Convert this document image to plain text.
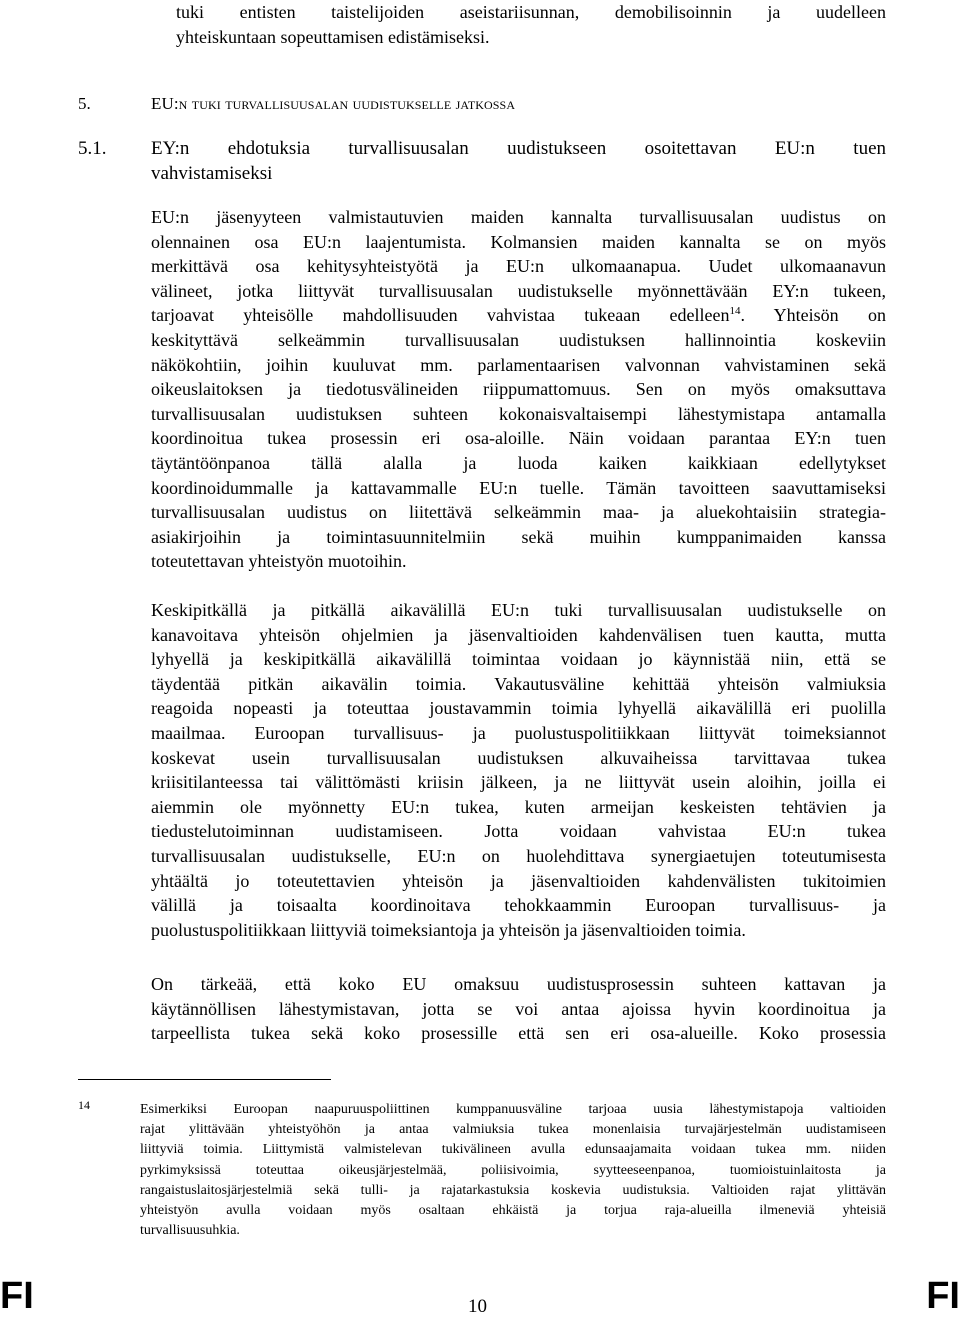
tuki entisten taistelijoiden aseistariisunnan, demobilisoinnin ja uudelleen
yhteiskuntaan sopeuttamisen edistämiseksi.
5.	EU:n tuki turvallisuusalan uudistukselle jatkossa
5.1. EY:n ehdotuksia turvallisuusalan uudistukseen osoitettavan EU:n tuen
vahvistamiseksi
EU:n jäsenyyteen valmistautuvien maiden kannalta turvallisuusalan uudistus on
olennainen osa EU:n laajentumista. Kolmansien maiden kannalta se on myös
merkittävä osa kehitysyhteistyötä ja EU:n ulkomaanapua. Uudet ulkomaanavun
välineet, jotka liittyvät turvallisuusalan uudistukselle myönnettävään EY:n tukeen,
tarjoavat yhteisölle mahdollisuuden vahvistaa tukeaan edelleen$^{14}$. Yhteisön on
keskityttävä selkeämmin turvallisuusalan uudistuksen hallinnointia koskeviin
näkökohtiin, joihin kuuluvat mm. parlamentaarisen valvonnan vahvistaminen sekä
oikeuslaitoksen ja tiedotusvälineiden riippumattomuus. Sen on myös omaksuttava
turvallisuusalan uudistuksen suhteen kokonaisvaltaisempi lähestymistapa antamalla
koordinoitua tukea prosessin eri osa-aloille. Näin voidaan parantaa EY:n tuen
täytäntöönpanoa tällä alalla ja luoda kaiken kaikkiaan edellytykset
koordinoidummalle ja kattavammalle EU:n tuelle. Tämän tavoitteen saavuttamiseksi
turvallisuusalan uudistus on liitettävä selkeämmin maa- ja aluekohtaisiin strategia-
asiakirjoihin ja toimintasuunnitelmiin sekä muihin kumppanimaiden kanssa
toteutettavan yhteistyön muotoihin.
Keskipitkällä ja pitkällä aikavälillä EU:n tuki turvallisuusalan uudistukselle on
kanavoitava yhteisön ohjelmien ja jäsenvaltioiden kahdenvälisen tuen kautta, mutta
lyhyellä ja keskipitkällä aikavälillä toimintaa voidaan jo käynnistää niin, että se
täydentää pitkän aikavälin toimia. Vakautusväline kehittää yhteisön valmiuksia
reagoida nopeasti ja toteuttaa joustavammin toimia lyhyellä aikavälillä eri puolilla
maailmaa. Euroopan turvallisuus- ja puolustuspolitiikkaan liittyvät toimeksiannot
koskevat usein turvallisuusalan uudistuksen alkuvaiheissa tarvittavaa tukea
kriisitilanteessa tai välittömästi kriisin jälkeen, ja ne liittyvät usein aloihin, joilla ei
aiemmin ole myönnetty EU:n tukea, kuten armeijan keskeisten tehtävien ja
tiedustelutoiminnan uudistamiseen. Jotta voidaan vahvistaa EU:n tukea
turvallisuusalan uudistukselle, EU:n on huolehdittava synergiaetujen toteutumisesta
yhtäältä jo toteutettavien yhteisön ja jäsenvaltioiden kahdenvälisten tukitoimien
välillä ja toisaalta koordinoitava tehokkaammin Euroopan turvallisuus- ja
puolustuspolitiikkaan liittyviä toimeksiantoja ja yhteisön ja jäsenvaltioiden toimia.
On tärkeää, että koko EU omaksuu uudistusprosessin suhteen kattavan ja
käytännöllisen lähestymistavan, jotta se voi antaa ajoissa hyvin koordinoitua ja
tarpeellista tukea sekä koko prosessille että sen eri osa-alueille. Koko prosessia
14	Esimerkiksi Euroopan naapuruuspoliittinen kumppanuusväline tarjoaa uusia lähestymistapoja valtioiden
rajat ylittävään yhteistyöhön ja antaa valmiuksia tukea monenlaisia turvajärjestelmän uudistamiseen
liittyviä toimia. Liittymistä valmistelevan tukivälineen avulla edunsaajamaita voidaan tukea mm. niiden
pyrkimyksissä toteuttaa oikeusjärjestelmää, poliisivoimia, syytteeseenpanoa, tuomioistuinlaitosta ja
rangaistuslaitosjärjestelmiä sekä tulli- ja rajatarkastuksia koskevia uudistuksia. Valtioiden rajat ylittävän
yhteistyön avulla voidaan myös osaltaan ehkäistä ja torjua raja-alueilla ilmeneviä yhteisiä
turvallisuusuhkia.
FI	10	FI
